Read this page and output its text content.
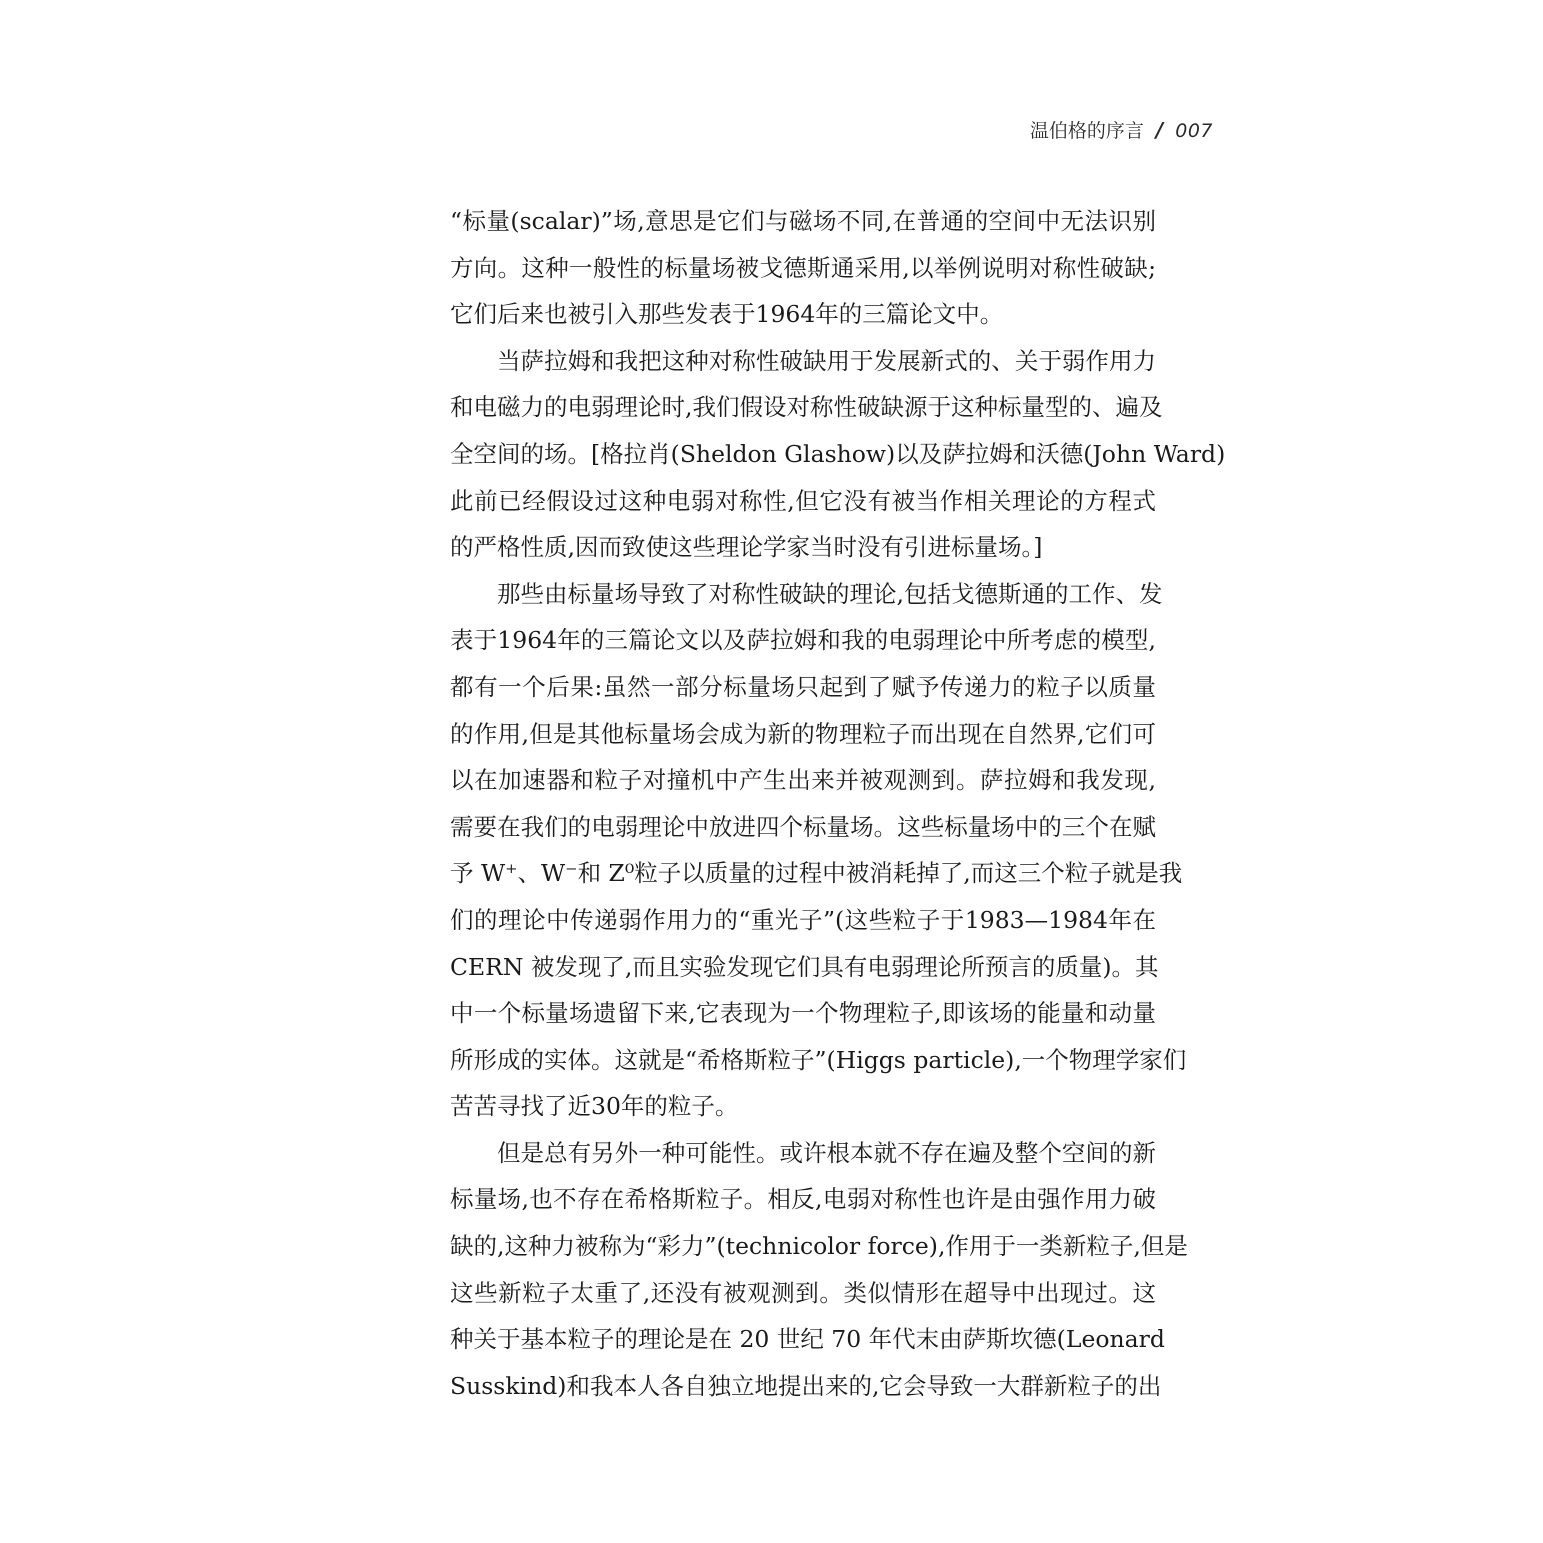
温伯格的序言 / 007
“标量(scalar)”场,意思是它们与磁场不同,在普通的空间中无法识别
方向。这种一般性的标量场被戈德斯通采用,以举例说明对称性破缺;
它们后来也被引入那些发表于1964年的三篇论文中。
当萨拉姆和我把这种对称性破缺用于发展新式的、关于弱作用力
和电磁力的电弱理论时,我们假设对称性破缺源于这种标量型的、遍及
全空间的场。[格拉肖(Sheldon Glashow)以及萨拉姆和沃德(John Ward)
此前已经假设过这种电弱对称性,但它没有被当作相关理论的方程式
的严格性质,因而致使这些理论学家当时没有引进标量场。]
那些由标量场导致了对称性破缺的理论,包括戈德斯通的工作、发
表于1964年的三篇论文以及萨拉姆和我的电弱理论中所考虑的模型,
都有一个后果:虽然一部分标量场只起到了赋予传递力的粒子以质量
的作用,但是其他标量场会成为新的物理粒子而出现在自然界,它们可
以在加速器和粒子对撞机中产生出来并被观测到。萨拉姆和我发现,
需要在我们的电弱理论中放进四个标量场。这些标量场中的三个在赋
予 W⁺、W⁻和 Z⁰粒子以质量的过程中被消耗掉了,而这三个粒子就是我
们的理论中传递弱作用力的“重光子”(这些粒子于1983—1984年在
CERN 被发现了,而且实验发现它们具有电弱理论所预言的质量)。其
中一个标量场遗留下来,它表现为一个物理粒子,即该场的能量和动量
所形成的实体。这就是“希格斯粒子”(Higgs particle),一个物理学家们
苦苦寻找了近30年的粒子。
但是总有另外一种可能性。或许根本就不存在遍及整个空间的新
标量场,也不存在希格斯粒子。相反,电弱对称性也许是由强作用力破
缺的,这种力被称为“彩力”(technicolor force),作用于一类新粒子,但是
这些新粒子太重了,还没有被观测到。类似情形在超导中出现过。这
种关于基本粒子的理论是在 20 世纪 70 年代末由萨斯坎德(Leonard
Susskind)和我本人各自独立地提出来的,它会导致一大群新粒子的出
